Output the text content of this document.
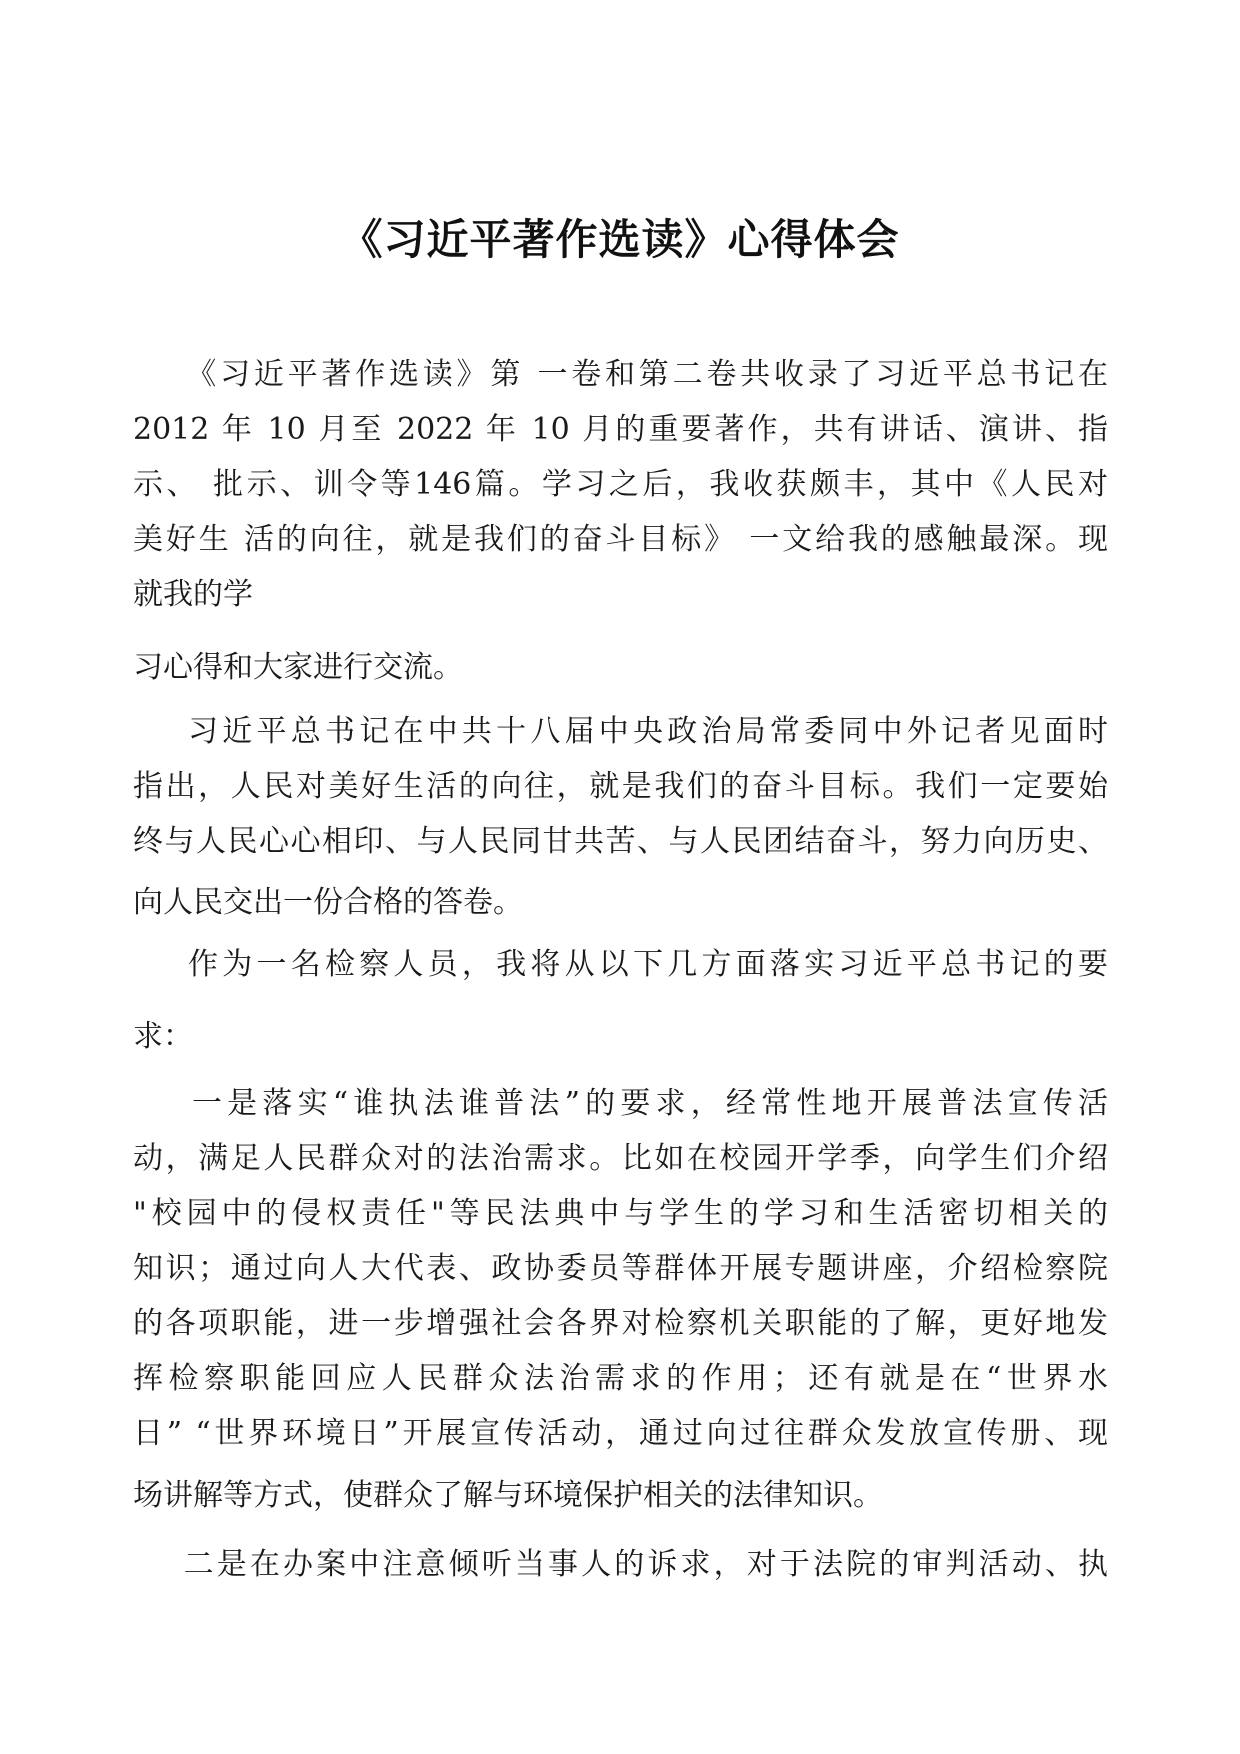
《习近平著作选读》心得体会
《习近平著作选读》第 一卷和第二卷共收录了习近平总书记在
2012 年 10 月至 2022 年 10 月的重要著作，共有讲话、演讲、指
示、 批示、训令等146篇。学习之后，我收获颇丰，其中《人民对
美好生 活的向往，就是我们的奋斗目标》 一文给我的感触最深。现
就我的学
习心得和大家进行交流。
习近平总书记在中共十八届中央政治局常委同中外记者见面时
指出，人民对美好生活的向往，就是我们的奋斗目标。我们一定要始
终与人民心心相印、与人民同甘共苦、与人民团结奋斗，努力向历史、
向人民交出一份合格的答卷。
作为一名检察人员，我将从以下几方面落实习近平总书记的要
求：
一是落实“谁执法谁普法”的要求，经常性地开展普法宣传活
动，满足人民群众对的法治需求。比如在校园开学季，向学生们介绍
"校园中的侵权责任"等民法典中与学生的学习和生活密切相关的
知识；通过向人大代表、政协委员等群体开展专题讲座，介绍检察院
的各项职能，进一步增强社会各界对检察机关职能的了解，更好地发
挥检察职能回应人民群众法治需求的作用；还有就是在“世界水
日” “世界环境日”开展宣传活动，通过向过往群众发放宣传册、现
场讲解等方式，使群众了解与环境保护相关的法律知识。
二是在办案中注意倾听当事人的诉求，对于法院的审判活动、执
